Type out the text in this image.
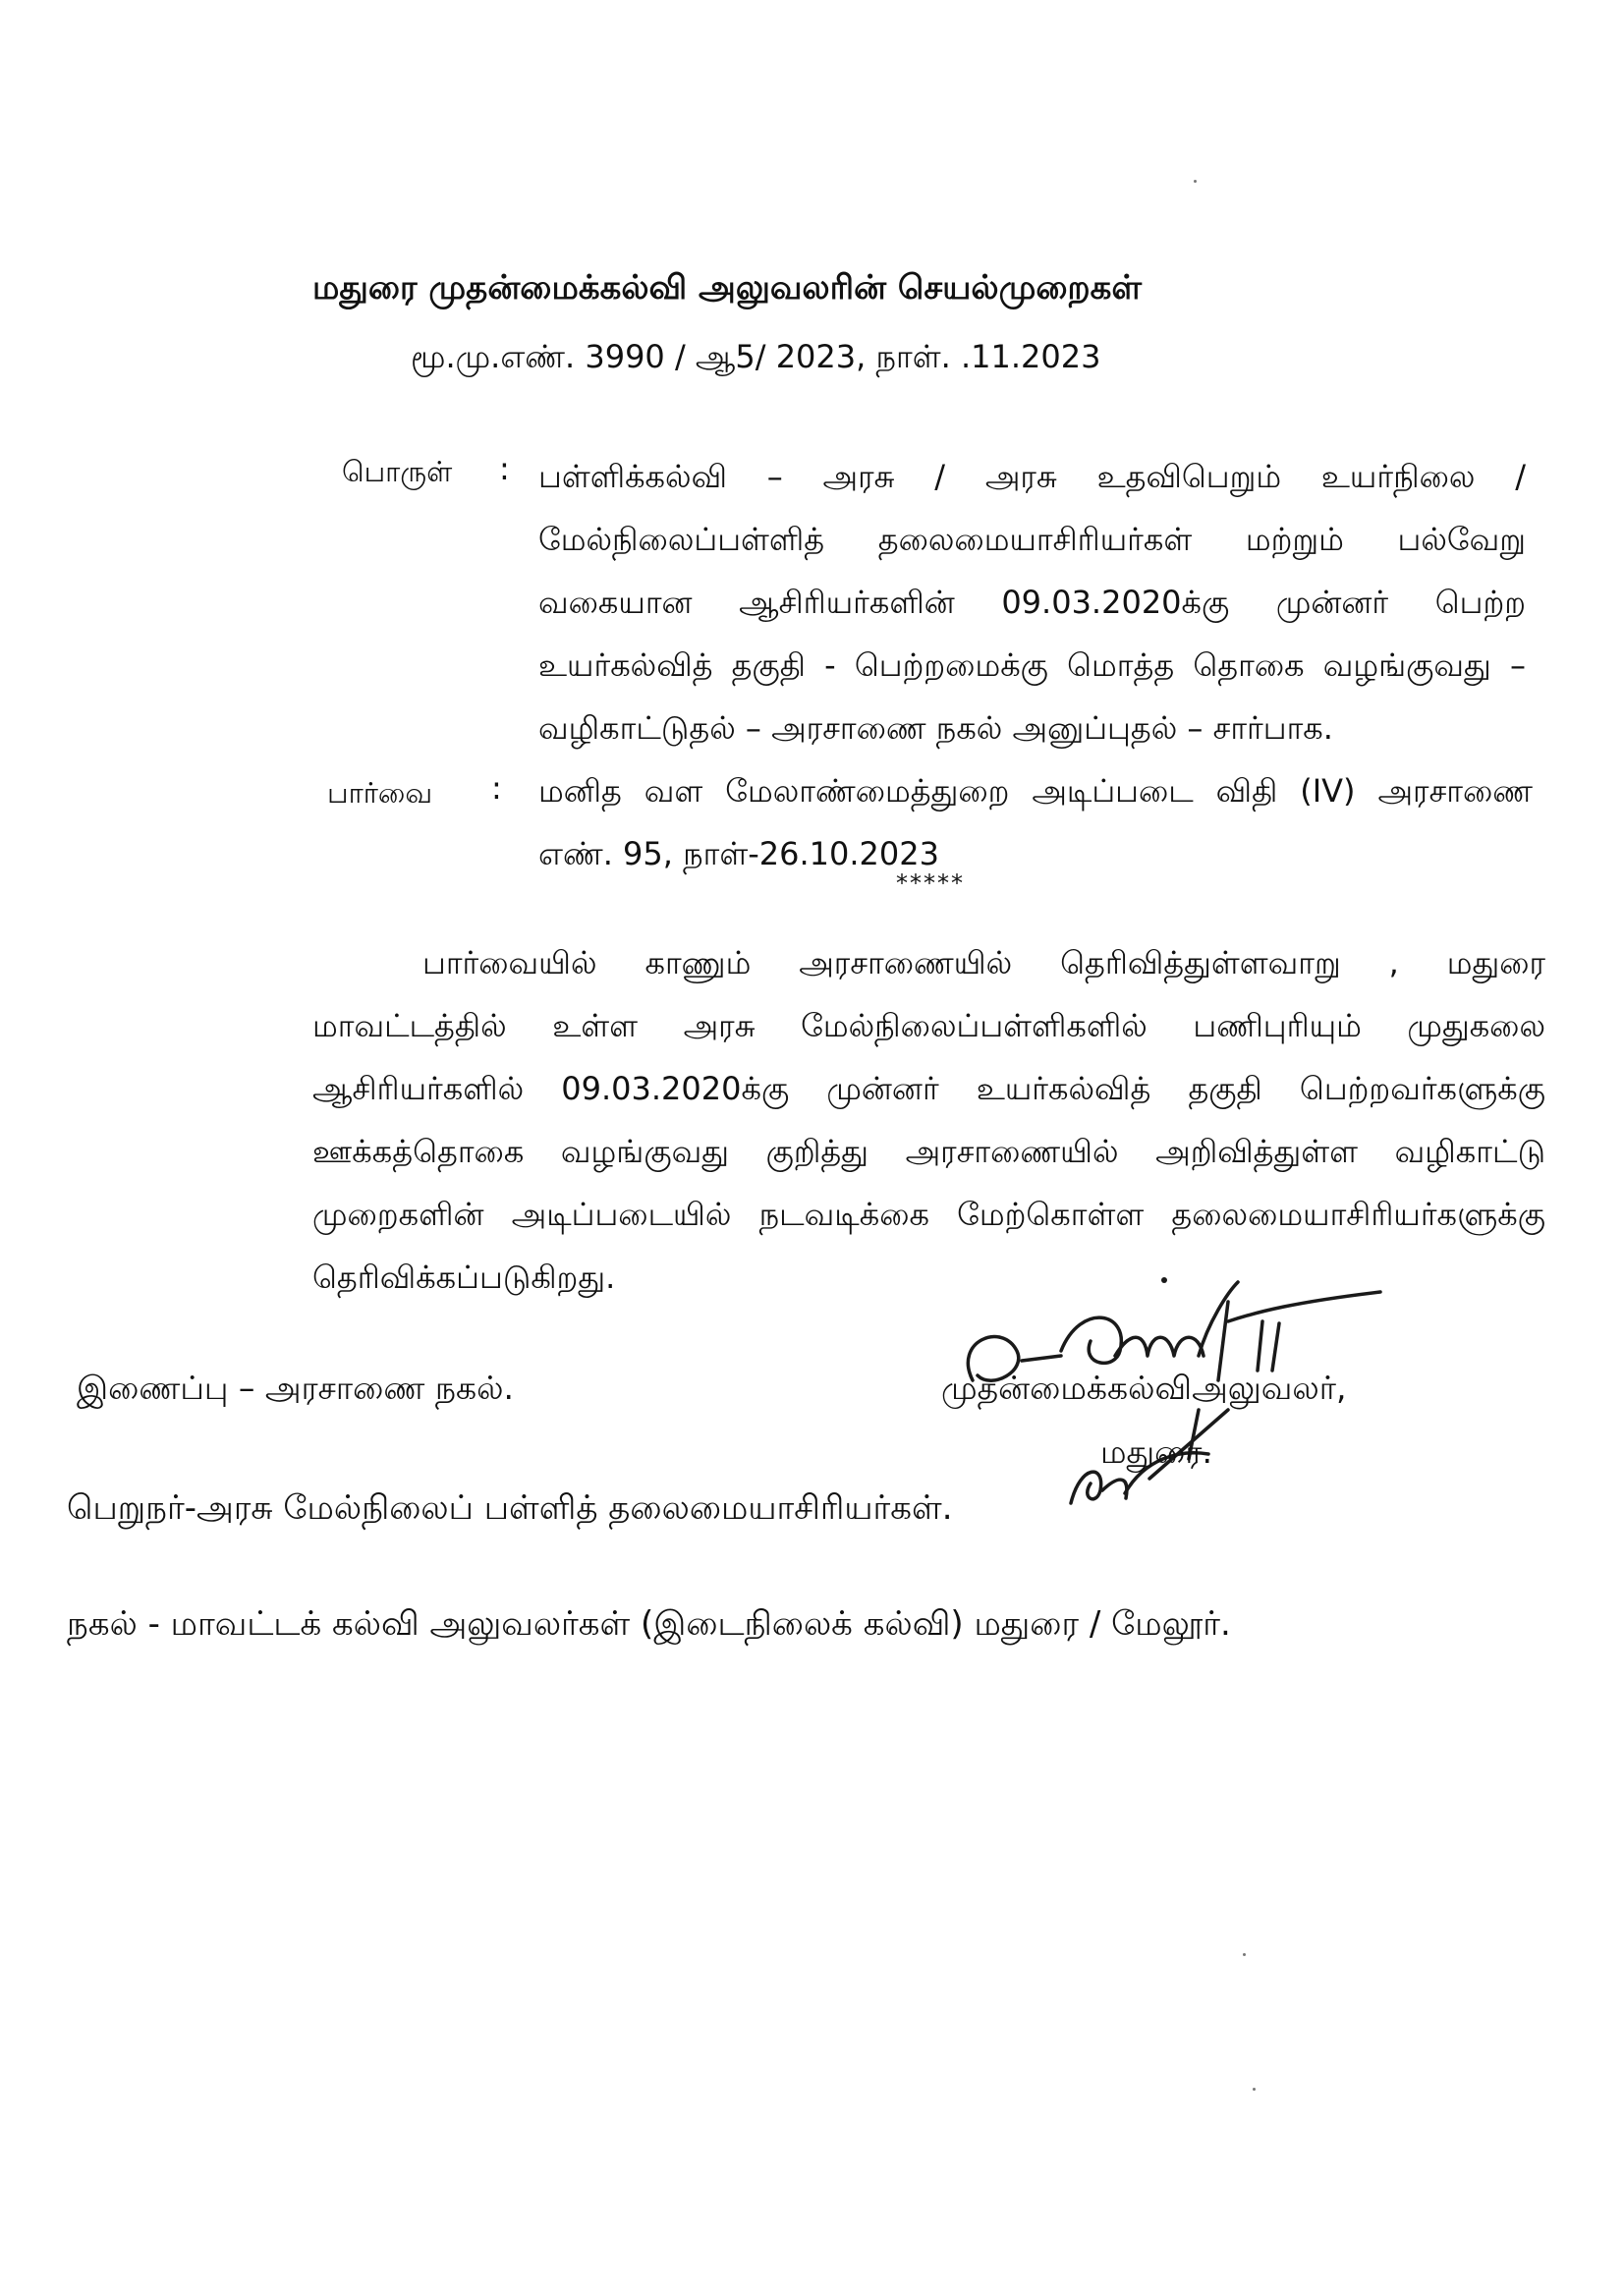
மதுரை முதன்மைக்கல்வி அலுவலரின் செயல்முறைகள்

மூ.மு.எண். 3990 / ஆ5/ 2023, நாள். .11.2023

பொருள் : பள்ளிக்கல்வி – அரசு / அரசு உதவிபெறும் உயர்நிலை / மேல்நிலைப்பள்ளித் தலைமையாசிரியர்கள் மற்றும் பல்வேறு வகையான ஆசிரியர்களின் 09.03.2020க்கு முன்னர் பெற்ற உயர்கல்வித் தகுதி - பெற்றமைக்கு மொத்த தொகை வழங்குவது – வழிகாட்டுதல் – அரசாணை நகல் அனுப்புதல் – சார்பாக.

பார்வை : மனித வள மேலாண்மைத்துறை அடிப்படை விதி (IV) அரசாணை எண். 95, நாள்-26.10.2023

*****

பார்வையில் காணும் அரசாணையில் தெரிவித்துள்ளவாறு , மதுரை மாவட்டத்தில் உள்ள அரசு மேல்நிலைப்பள்ளிகளில் பணிபுரியும் முதுகலை ஆசிரியர்களில் 09.03.2020க்கு முன்னர் உயர்கல்வித் தகுதி பெற்றவர்களுக்கு ஊக்கத்தொகை வழங்குவது குறித்து அரசாணையில் அறிவித்துள்ள வழிகாட்டு முறைகளின் அடிப்படையில் நடவடிக்கை மேற்கொள்ள தலைமையாசிரியர்களுக்கு தெரிவிக்கப்படுகிறது.

இணைப்பு – அரசாணை நகல்.	முதன்மைக்கல்விஅலுவலர்,

மதுரை.

பெறுநர்-அரசு மேல்நிலைப் பள்ளித் தலைமையாசிரியர்கள்.

நகல் - மாவட்டக் கல்வி அலுவலர்கள் (இடைநிலைக் கல்வி) மதுரை / மேலூர்.
